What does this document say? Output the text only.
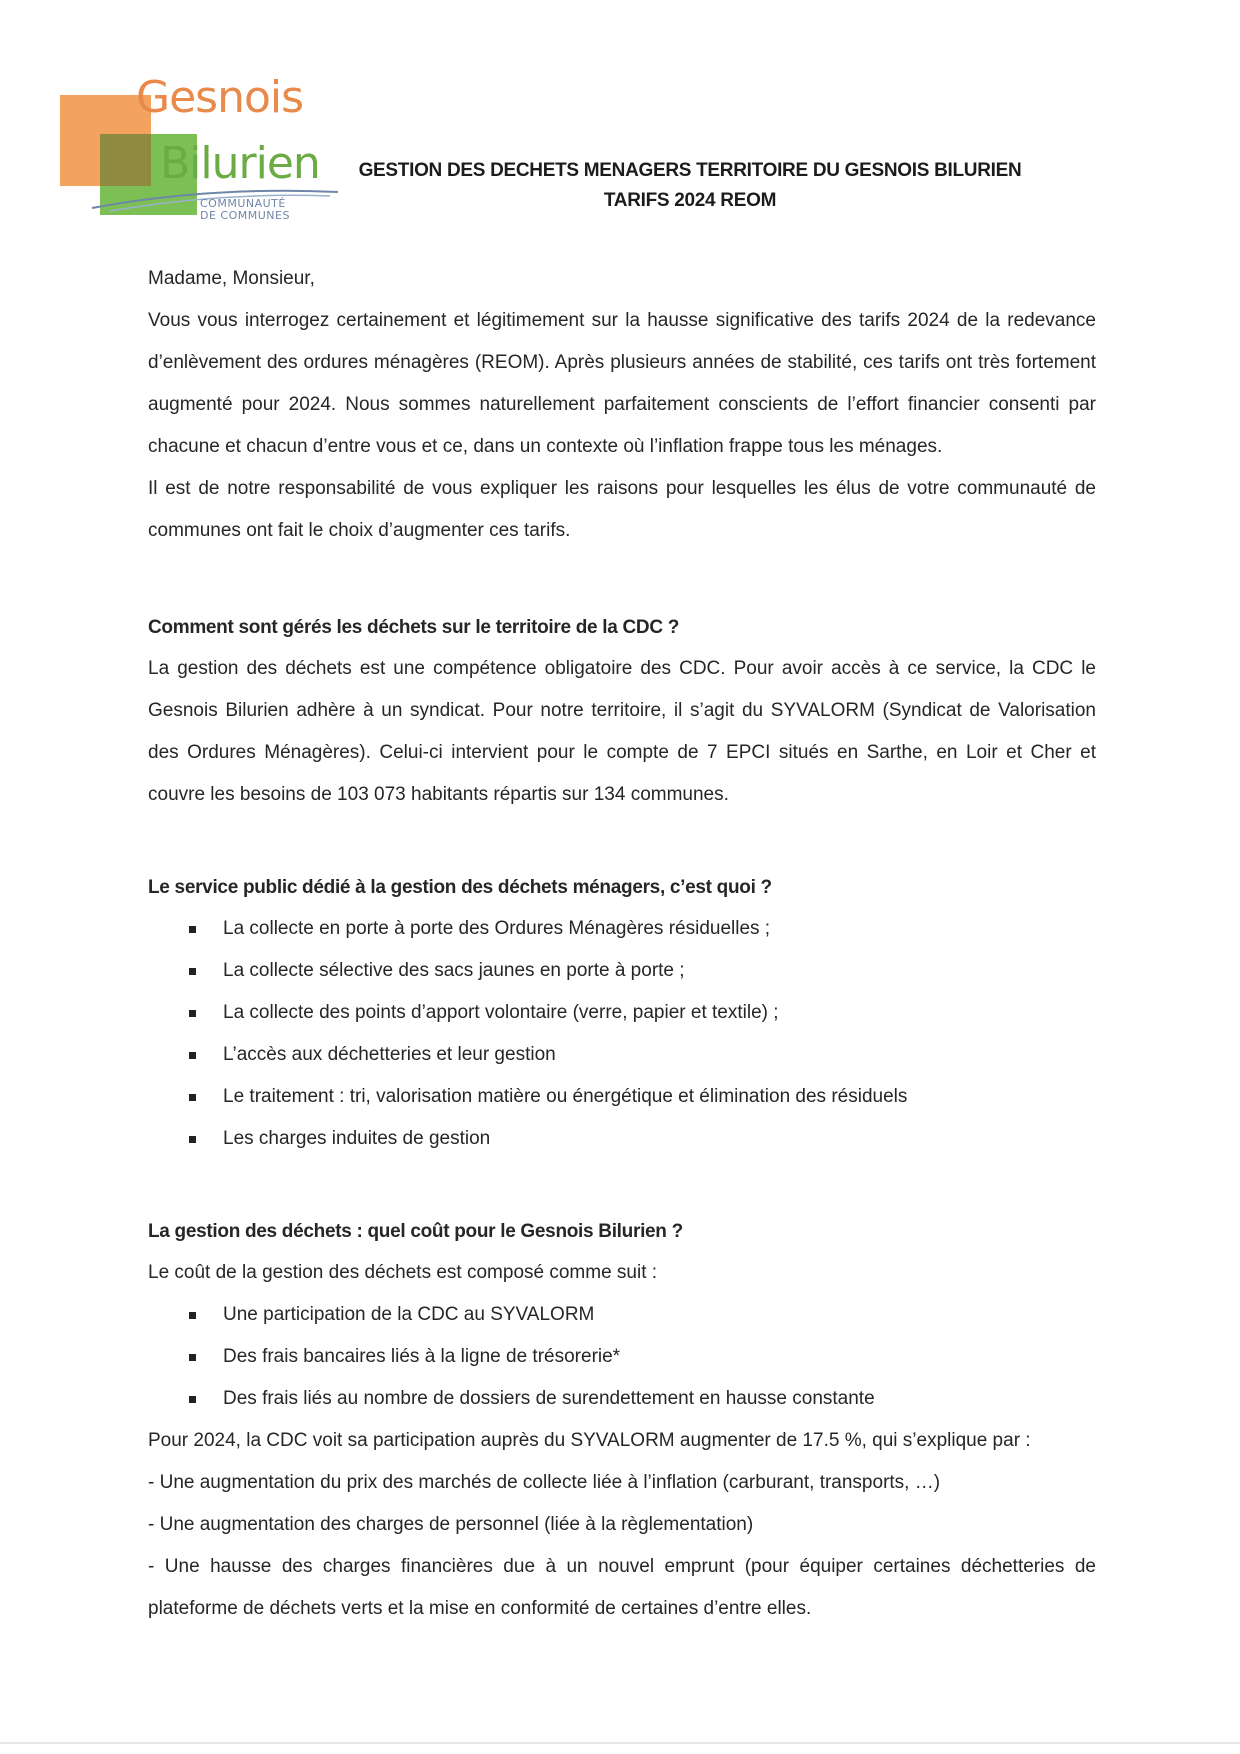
Gesnois
Bilurien
COMMUNAUTÉ
DE COMMUNES
GESTION DES DECHETS MENAGERS TERRITOIRE DU GESNOIS BILURIEN
TARIFS 2024 REOM

Madame, Monsieur,

Vous vous interrogez certainement et légitimement sur la hausse significative des tarifs 2024 de la redevance d’enlèvement des ordures ménagères (REOM). Après plusieurs années de stabilité, ces tarifs ont très fortement augmenté pour 2024. Nous sommes naturellement parfaitement conscients de l’effort financier consenti par chacune et chacun d’entre vous et ce, dans un contexte où l’inflation frappe tous les ménages.

Il est de notre responsabilité de vous expliquer les raisons pour lesquelles les élus de votre communauté de communes ont fait le choix d’augmenter ces tarifs.

Comment sont gérés les déchets sur le territoire de la CDC ?

La gestion des déchets est une compétence obligatoire des CDC. Pour avoir accès à ce service, la CDC le Gesnois Bilurien adhère à un syndicat. Pour notre territoire, il s’agit du SYVALORM (Syndicat de Valorisation des Ordures Ménagères). Celui-ci intervient pour le compte de 7 EPCI situés en Sarthe, en Loir et Cher et couvre les besoins de 103 073 habitants répartis sur 134 communes.

Le service public dédié à la gestion des déchets ménagers, c’est quoi ?

La collecte en porte à porte des Ordures Ménagères résiduelles ;
La collecte sélective des sacs jaunes en porte à porte ;
La collecte des points d’apport volontaire (verre, papier et textile) ;
L’accès aux déchetteries et leur gestion
Le traitement : tri, valorisation matière ou énergétique et élimination des résiduels
Les charges induites de gestion

La gestion des déchets : quel coût pour le Gesnois Bilurien ?

Le coût de la gestion des déchets est composé comme suit :

Une participation de la CDC au SYVALORM
Des frais bancaires liés à la ligne de trésorerie*
Des frais liés au nombre de dossiers de surendettement en hausse constante

Pour 2024, la CDC voit sa participation auprès du SYVALORM augmenter de 17.5 %, qui s’explique par :

- Une augmentation du prix des marchés de collecte liée à l’inflation (carburant, transports, …)

- Une augmentation des charges de personnel (liée à la règlementation)

- Une hausse des charges financières due à un nouvel emprunt (pour équiper certaines déchetteries de plateforme de déchets verts et la mise en conformité de certaines d’entre elles.
